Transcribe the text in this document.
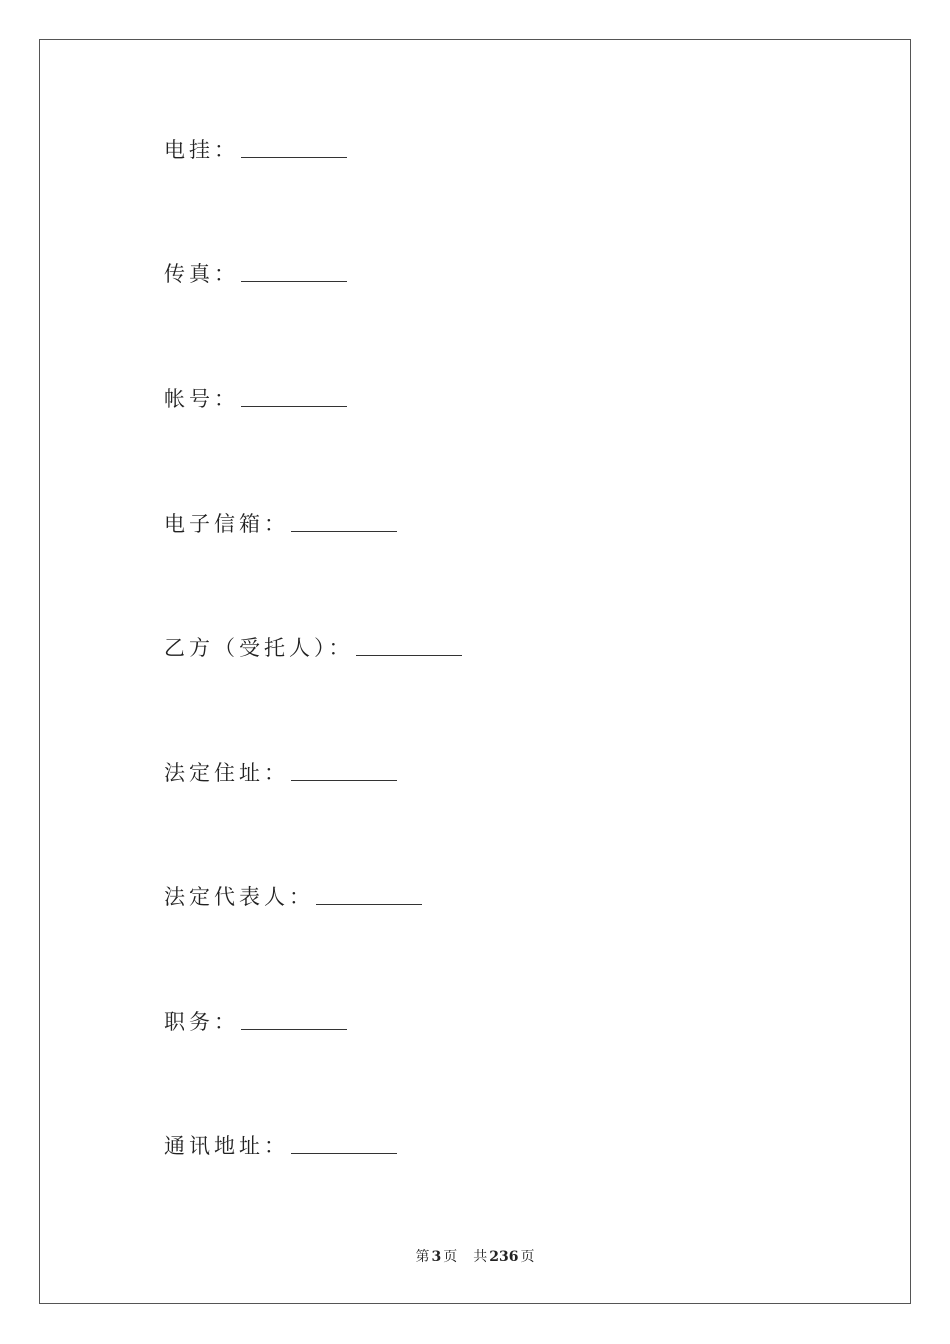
电挂：
传真：
帐号：
电子信箱：
乙方（受托人）：
法定住址：
法定代表人：
职务：
通讯地址：
第 3 页 共 236 页
